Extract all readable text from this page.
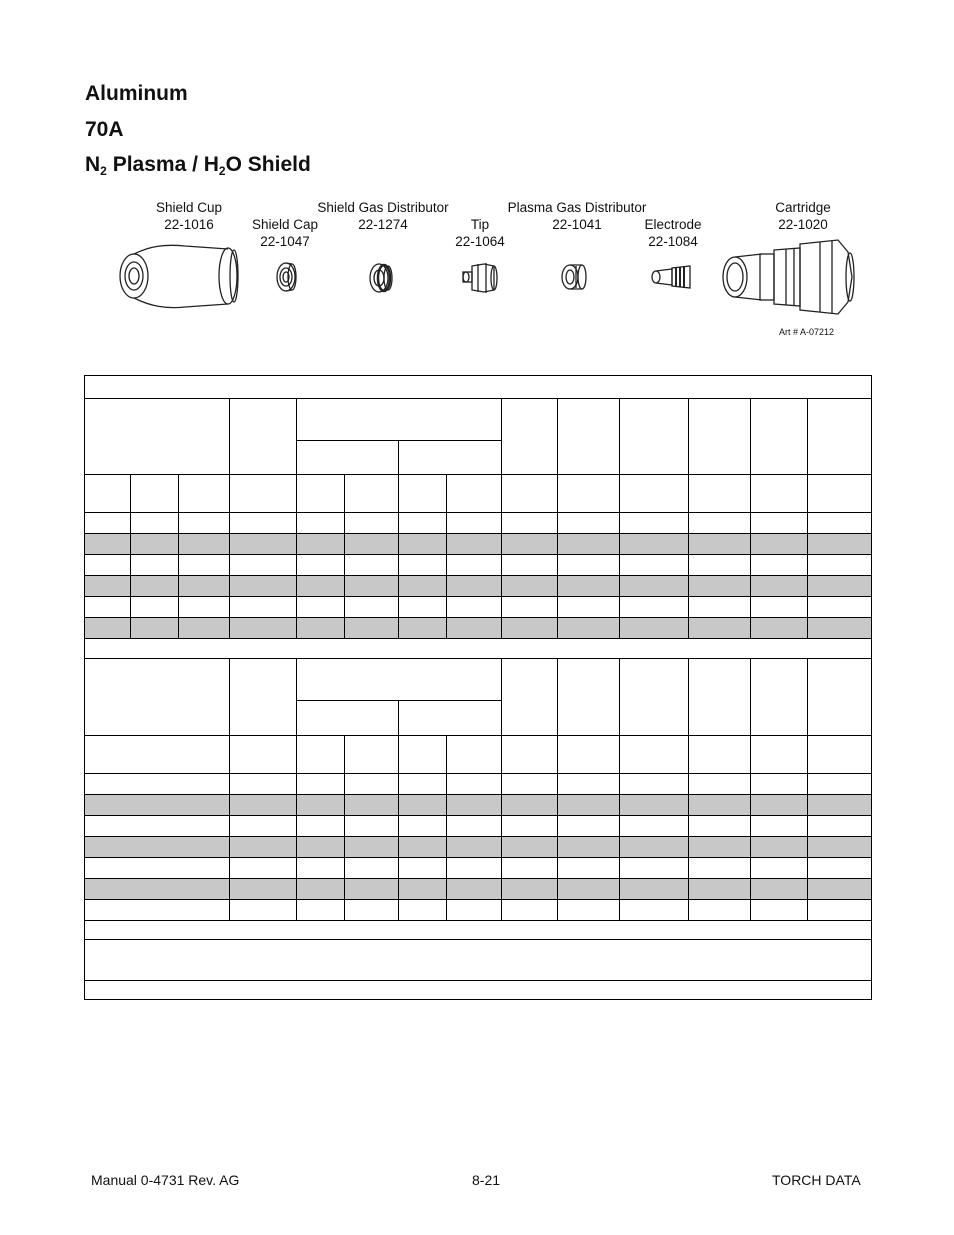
Aluminum
70A
$N_2$ Plasma / $H_2O$ Shield
Shield Cup
22-1016	Shield Cap
22-1047
Shield Gas Distributor
22-1274	Tip
22-1064
Plasma Gas Distributor
22-1041	Electrode
22-1084
Cartridge
22-1020
Art # A-07212

Manual 0-4731 Rev. AG	8-21	TORCH DATA
